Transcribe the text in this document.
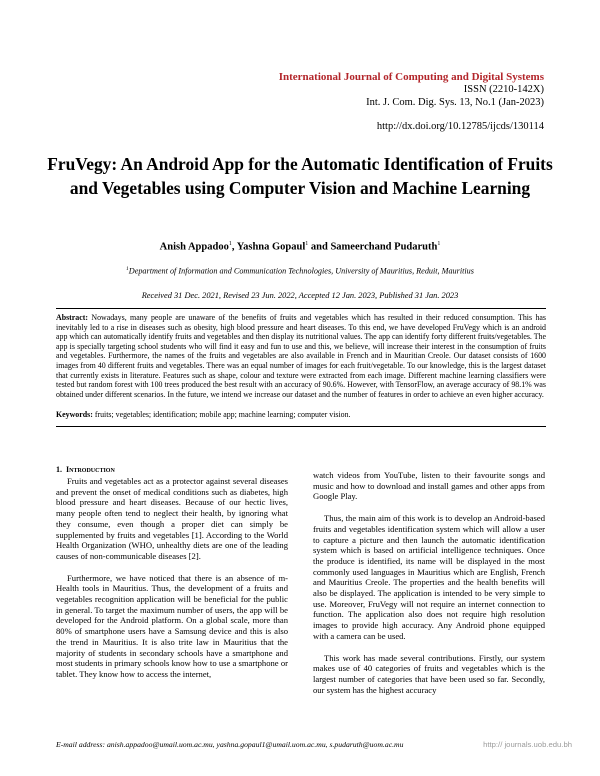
International Journal of Computing and Digital Systems
ISSN (2210-142X)
Int. J. Com. Dig. Sys. 13, No.1 (Jan-2023)
http://dx.doi.org/10.12785/ijcds/130114
FruVegy: An Android App for the Automatic Identification of Fruits and Vegetables using Computer Vision and Machine Learning
Anish Appadoo$^1$, Yashna Gopaul$^1$ and Sameerchand Pudaruth$^1$
$^1$Department of Information and Communication Technologies, University of Mauritius, Reduit, Mauritius
Received 31 Dec. 2021, Revised 23 Jun. 2022, Accepted 12 Jan. 2023, Published 31 Jan. 2023
Abstract: Nowadays, many people are unaware of the benefits of fruits and vegetables which has resulted in their reduced consumption. This has inevitably led to a rise in diseases such as obesity, high blood pressure and heart diseases. To this end, we have developed FruVegy which is an android app which can automatically identify fruits and vegetables and then display its nutritional values. The app can identify forty different fruits/vegetables. The app is specially targeting school students who will find it easy and fun to use and this, we believe, will increase their interest in the consumption of fruits and vegetables. Furthermore, the names of the fruits and vegetables are also available in French and in Mauritian Creole. Our dataset consists of 1600 images from 40 different fruits and vegetables. There was an equal number of images for each fruit/vegetable. To our knowledge, this is the largest dataset that currently exists in literature. Features such as shape, colour and texture were extracted from each image. Different machine learning classifiers were tested but random forest with 100 trees produced the best result with an accuracy of 90.6%. However, with TensorFlow, an average accuracy of 98.1% was obtained under different scenarios. In the future, we intend we increase our dataset and the number of features in order to achieve an even higher accuracy.
Keywords: fruits; vegetables; identification; mobile app; machine learning; computer vision.
1. Introduction

Fruits and vegetables act as a protector against several diseases and prevent the onset of medical conditions such as diabetes, high blood pressure and heart diseases. Because of our hectic lives, many people often tend to neglect their health, by ignoring what they consume, even though a proper diet can simply be supplemented by fruits and vegetables [1]. According to the World Health Organization (WHO, unhealthy diets are one of the leading causes of non-communicable diseases [2].

Furthermore, we have noticed that there is an absence of m-Health tools in Mauritius. Thus, the development of a fruits and vegetables recognition application will be beneficial for the public in general. To target the maximum number of users, the app will be developed for the Android platform. On a global scale, more than 80% of smartphone users have a Samsung device and this is also the trend in Mauritius. It is also trite law in Mauritius that the majority of students in secondary schools have a smartphone and most students in primary schools know how to use a smartphone or tablet. They know how to access the internet,

watch videos from YouTube, listen to their favourite songs and music and how to download and install games and other apps from Google Play.

Thus, the main aim of this work is to develop an Android-based fruits and vegetables identification system which will allow a user to capture a picture and then launch the automatic identification system which is based on artificial intelligence techniques. Once the produce is identified, its name will be displayed in the most commonly used languages in Mauritius which are English, French and Mauritius Creole. The properties and the health benefits will also be displayed. The application is intended to be very simple to use. Moreover, FruVegy will not require an internet connection to function. The application also does not require high resolution images to provide high accuracy. Any Android phone equipped with a camera can be used.

This work has made several contributions. Firstly, our system makes use of 40 categories of fruits and vegetables which is the largest number of categories that have been used so far. Secondly, our system has the highest accuracy

E-mail address: anish.appadoo@umail.uom.ac.mu, yashna.gopaul1@umail.uom.ac.mu, s.pudaruth@uom.ac.mu	http:// journals.uob.edu.bh
